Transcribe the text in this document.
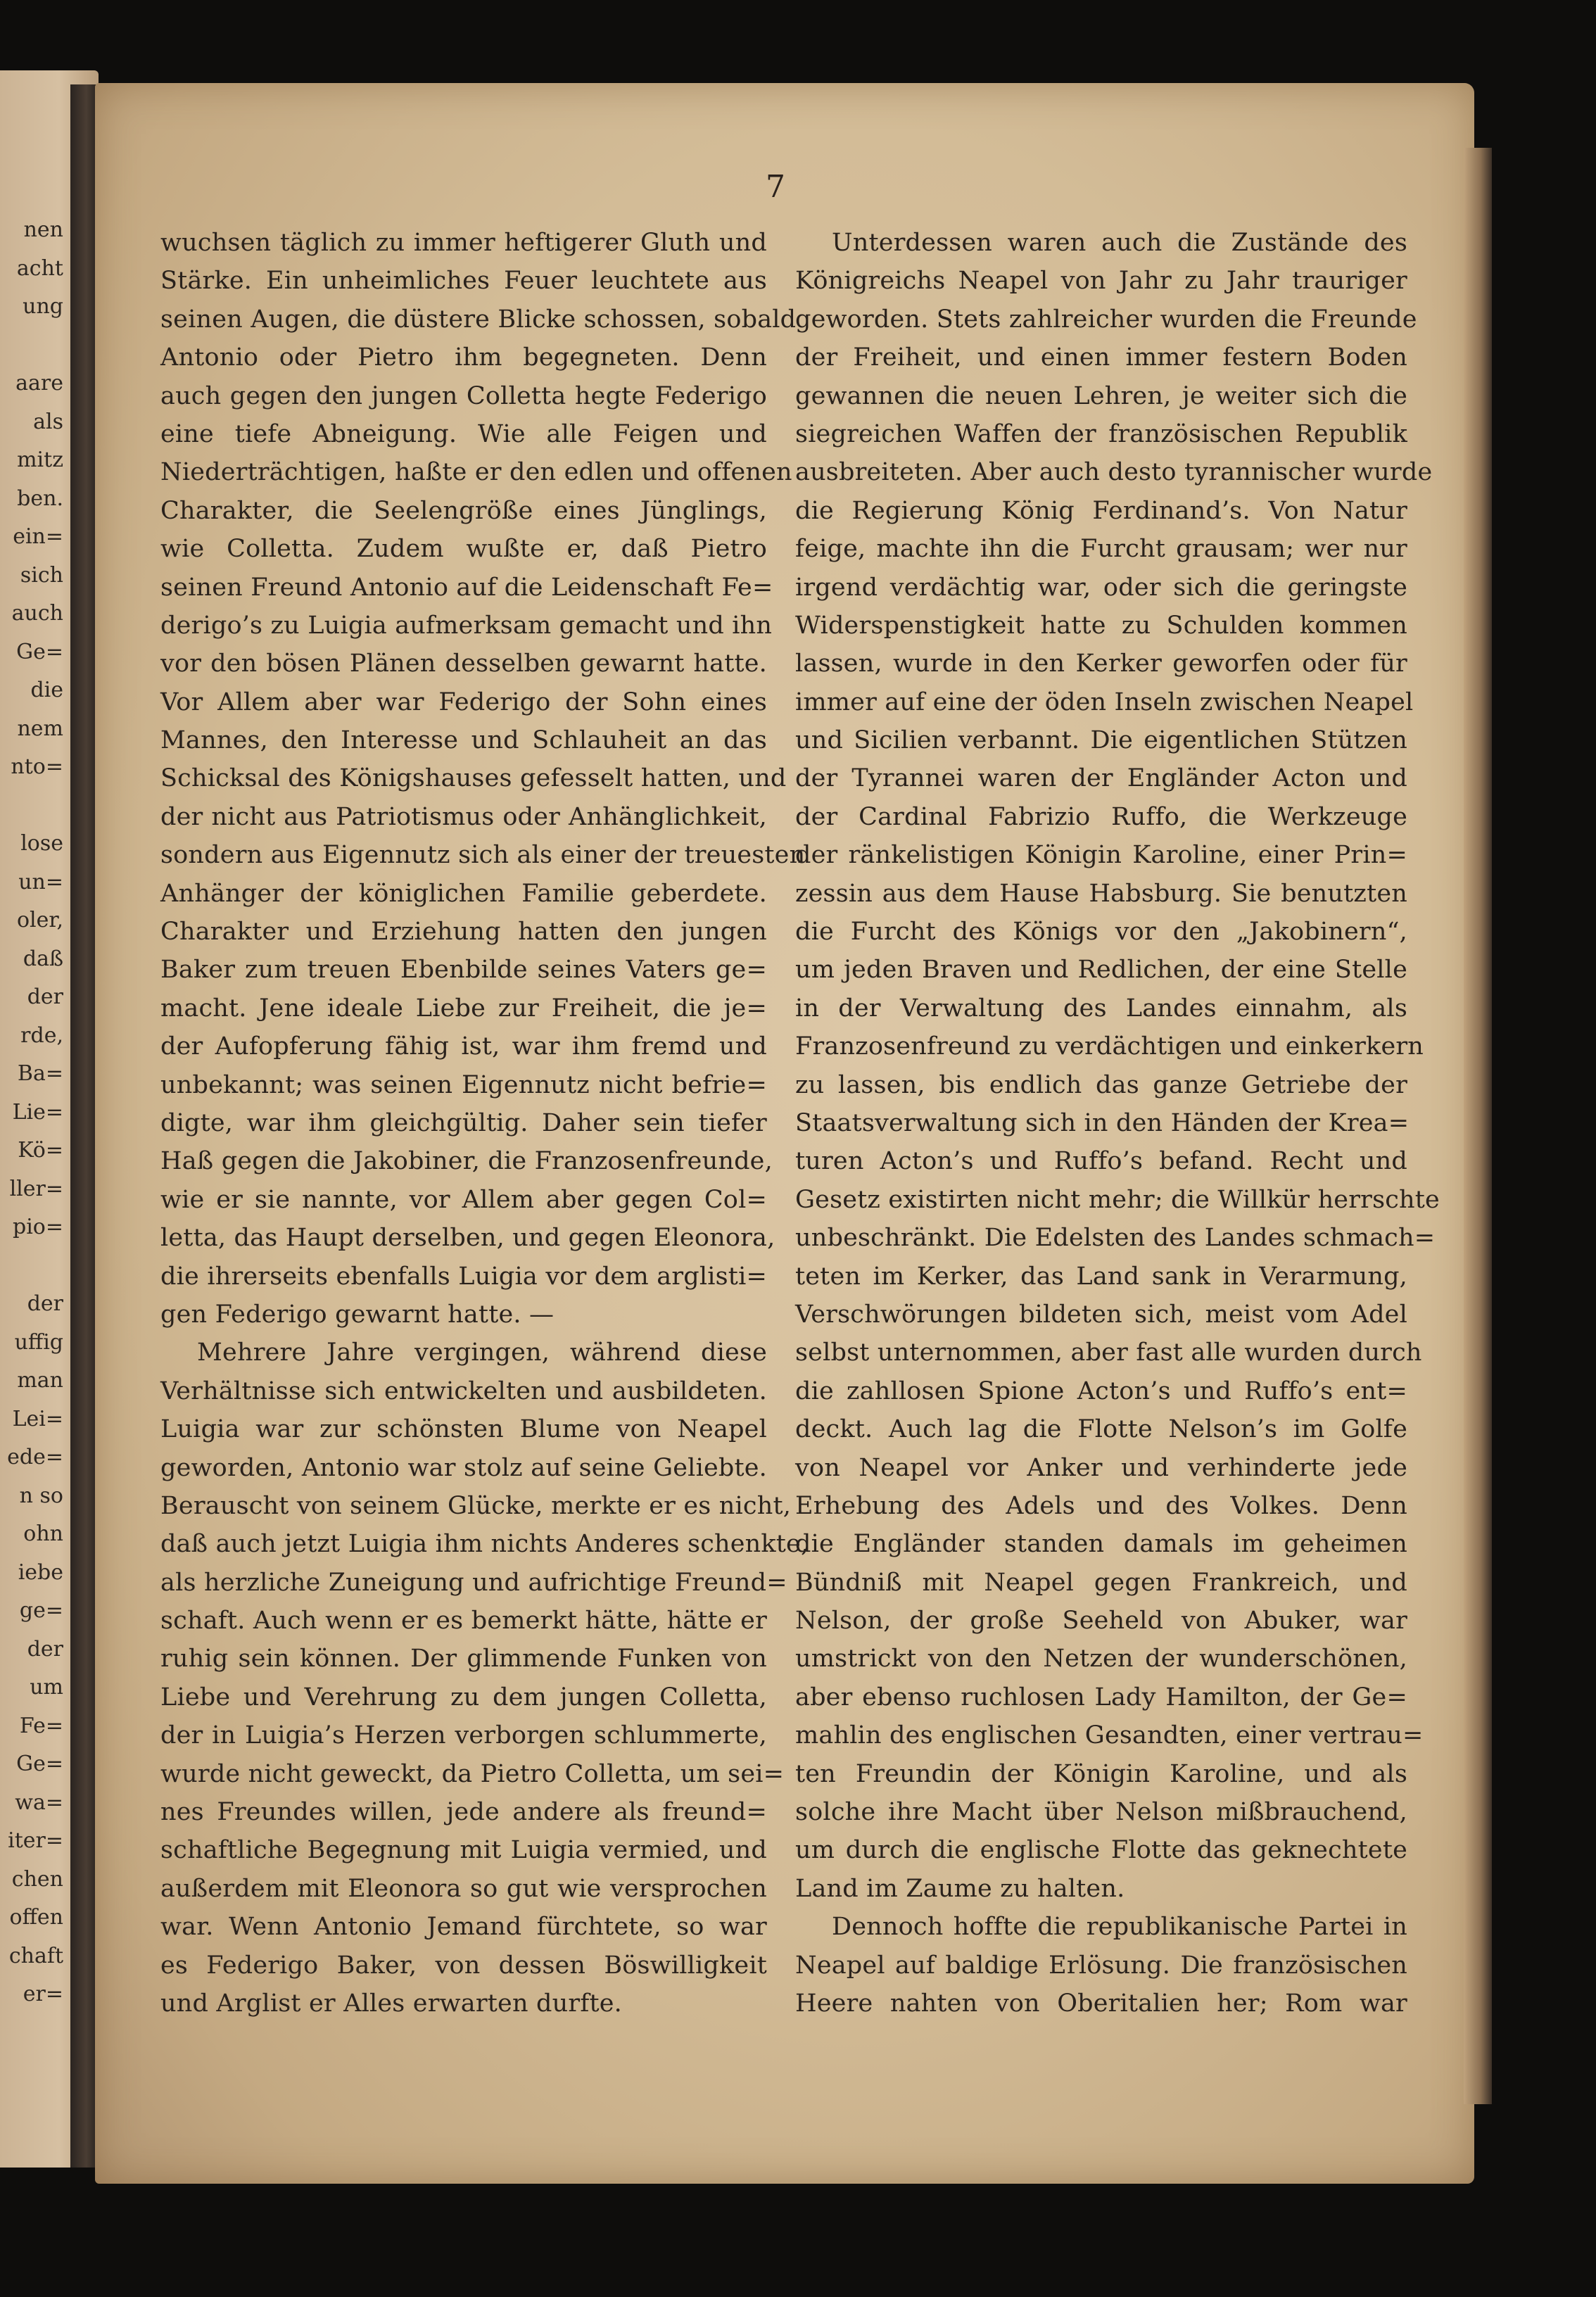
nen
acht
ung
aare
als
mitz
ben.
ein=
sich
auch
Ge=
die
nem
nto=
lose
un=
oler,
daß
der
rde,
Ba=
Lie=
Kö=
ller=
pio=
der
uffig
man
Lei=
ede=
n so
ohn
iebe
ge=
der
um
Fe=
Ge=
wa=
iter=
chen
offen
chaft
er=
7
wuchsen täglich zu immer heftigerer Gluth und
Stärke. Ein unheimliches Feuer leuchtete aus
seinen Augen, die düstere Blicke schossen, sobald
Antonio oder Pietro ihm begegneten. Denn
auch gegen den jungen Colletta hegte Federigo
eine tiefe Abneigung. Wie alle Feigen und
Niederträchtigen, haßte er den edlen und offenen
Charakter, die Seelengröße eines Jünglings,
wie Colletta. Zudem wußte er, daß Pietro
seinen Freund Antonio auf die Leidenschaft Fe=
derigo’s zu Luigia aufmerksam gemacht und ihn
vor den bösen Plänen desselben gewarnt hatte.
Vor Allem aber war Federigo der Sohn eines
Mannes, den Interesse und Schlauheit an das
Schicksal des Königshauses gefesselt hatten, und
der nicht aus Patriotismus oder Anhänglichkeit,
sondern aus Eigennutz sich als einer der treuesten
Anhänger der königlichen Familie geberdete.
Charakter und Erziehung hatten den jungen
Baker zum treuen Ebenbilde seines Vaters ge=
macht. Jene ideale Liebe zur Freiheit, die je=
der Aufopferung fähig ist, war ihm fremd und
unbekannt; was seinen Eigennutz nicht befrie=
digte, war ihm gleichgültig. Daher sein tiefer
Haß gegen die Jakobiner, die Franzosenfreunde,
wie er sie nannte, vor Allem aber gegen Col=
letta, das Haupt derselben, und gegen Eleonora,
die ihrerseits ebenfalls Luigia vor dem arglisti=
gen Federigo gewarnt hatte. —
Mehrere Jahre vergingen, während diese
Verhältnisse sich entwickelten und ausbildeten.
Luigia war zur schönsten Blume von Neapel
geworden, Antonio war stolz auf seine Geliebte.
Berauscht von seinem Glücke, merkte er es nicht,
daß auch jetzt Luigia ihm nichts Anderes schenkte,
als herzliche Zuneigung und aufrichtige Freund=
schaft. Auch wenn er es bemerkt hätte, hätte er
ruhig sein können. Der glimmende Funken von
Liebe und Verehrung zu dem jungen Colletta,
der in Luigia’s Herzen verborgen schlummerte,
wurde nicht geweckt, da Pietro Colletta, um sei=
nes Freundes willen, jede andere als freund=
schaftliche Begegnung mit Luigia vermied, und
außerdem mit Eleonora so gut wie versprochen
war. Wenn Antonio Jemand fürchtete, so war
es Federigo Baker, von dessen Böswilligkeit
und Arglist er Alles erwarten durfte.
Unterdessen waren auch die Zustände des
Königreichs Neapel von Jahr zu Jahr trauriger
geworden. Stets zahlreicher wurden die Freunde
der Freiheit, und einen immer festern Boden
gewannen die neuen Lehren, je weiter sich die
siegreichen Waffen der französischen Republik
ausbreiteten. Aber auch desto tyrannischer wurde
die Regierung König Ferdinand’s. Von Natur
feige, machte ihn die Furcht grausam; wer nur
irgend verdächtig war, oder sich die geringste
Widerspenstigkeit hatte zu Schulden kommen
lassen, wurde in den Kerker geworfen oder für
immer auf eine der öden Inseln zwischen Neapel
und Sicilien verbannt. Die eigentlichen Stützen
der Tyrannei waren der Engländer Acton und
der Cardinal Fabrizio Ruffo, die Werkzeuge
der ränkelistigen Königin Karoline, einer Prin=
zessin aus dem Hause Habsburg. Sie benutzten
die Furcht des Königs vor den „Jakobinern“,
um jeden Braven und Redlichen, der eine Stelle
in der Verwaltung des Landes einnahm, als
Franzosenfreund zu verdächtigen und einkerkern
zu lassen, bis endlich das ganze Getriebe der
Staatsverwaltung sich in den Händen der Krea=
turen Acton’s und Ruffo’s befand. Recht und
Gesetz existirten nicht mehr; die Willkür herrschte
unbeschränkt. Die Edelsten des Landes schmach=
teten im Kerker, das Land sank in Verarmung,
Verschwörungen bildeten sich, meist vom Adel
selbst unternommen, aber fast alle wurden durch
die zahllosen Spione Acton’s und Ruffo’s ent=
deckt. Auch lag die Flotte Nelson’s im Golfe
von Neapel vor Anker und verhinderte jede
Erhebung des Adels und des Volkes. Denn
die Engländer standen damals im geheimen
Bündniß mit Neapel gegen Frankreich, und
Nelson, der große Seeheld von Abuker, war
umstrickt von den Netzen der wunderschönen,
aber ebenso ruchlosen Lady Hamilton, der Ge=
mahlin des englischen Gesandten, einer vertrau=
ten Freundin der Königin Karoline, und als
solche ihre Macht über Nelson mißbrauchend,
um durch die englische Flotte das geknechtete
Land im Zaume zu halten.
Dennoch hoffte die republikanische Partei in
Neapel auf baldige Erlösung. Die französischen
Heere nahten von Oberitalien her; Rom war
